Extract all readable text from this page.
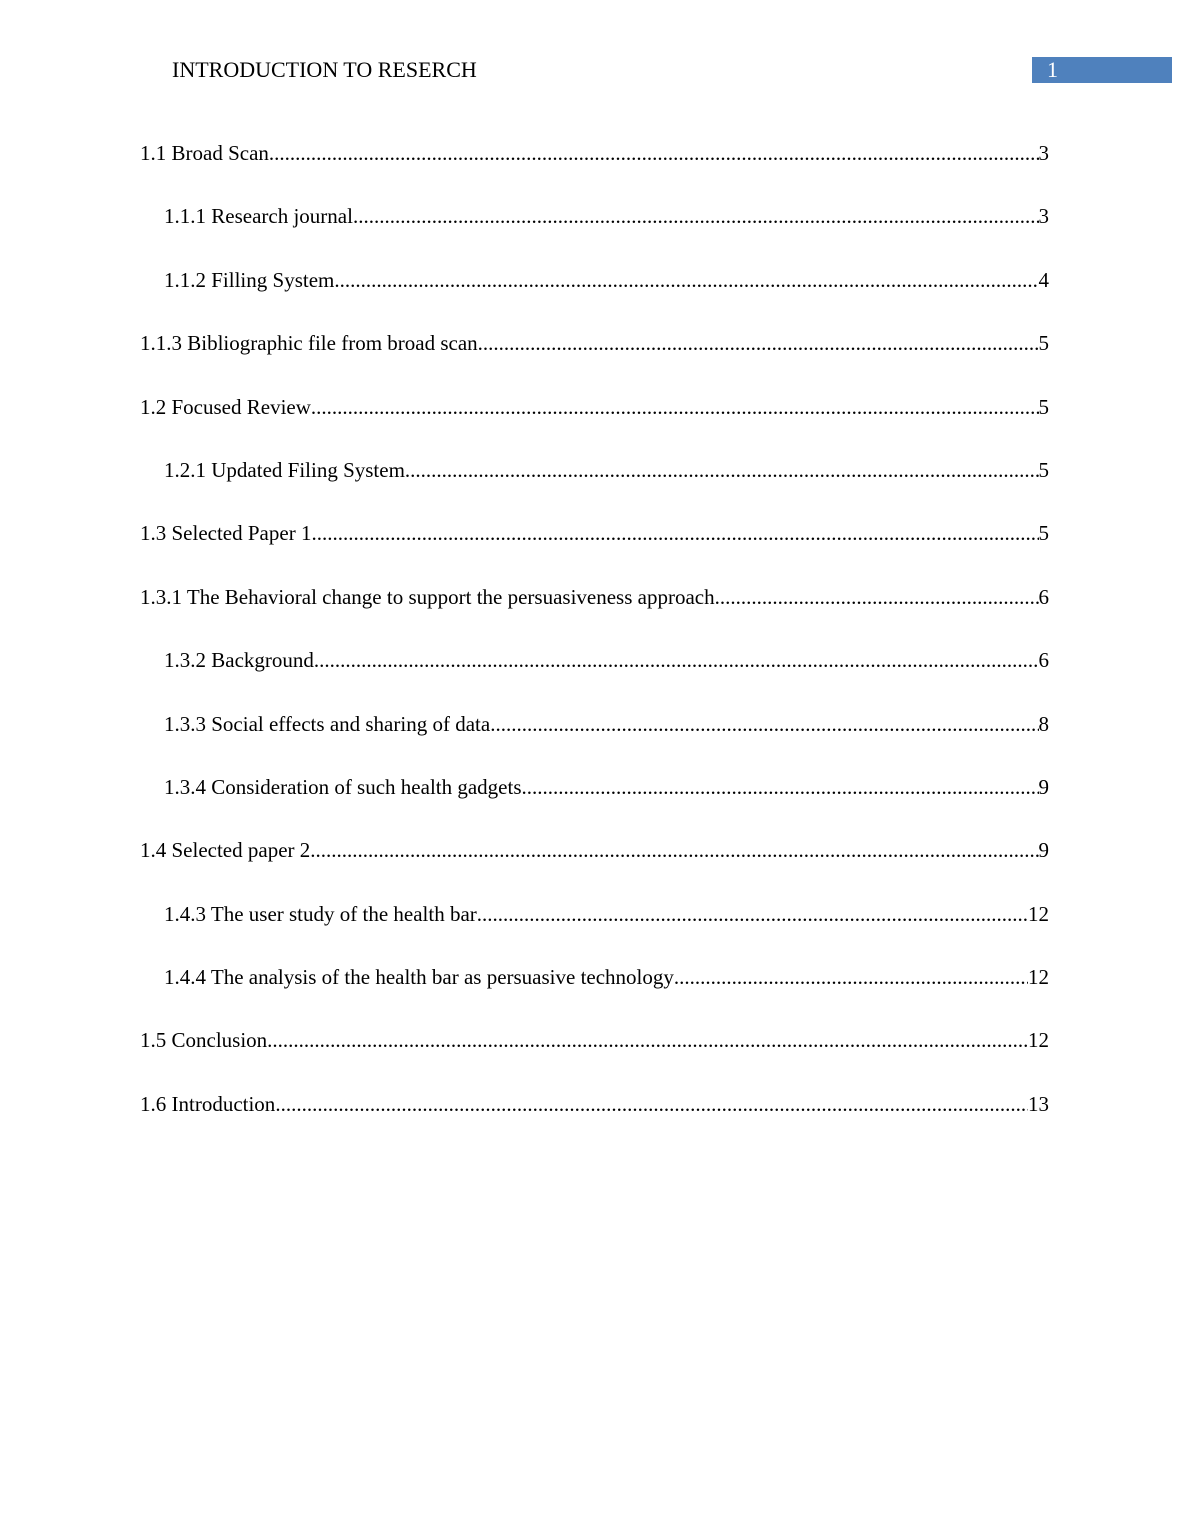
INTRODUCTION TO RESERCH	1
1.1 Broad Scan .....	3
1.1.1 Research journal .....	3
1.1.2 Filling System .....	4
1.1.3 Bibliographic file from broad scan .....	5
1.2 Focused Review .....	5
1.2.1 Updated Filing System .....	5
1.3 Selected Paper 1 .....	5
1.3.1 The Behavioral change to support the persuasiveness approach .....	6
1.3.2 Background .....	6
1.3.3 Social effects and sharing of data .....	8
1.3.4 Consideration of such health gadgets .....	9
1.4 Selected paper 2 .....	9
1.4.3 The user study of the health bar .....	12
1.4.4 The analysis of the health bar as persuasive technology .....	12
1.5 Conclusion .....	12
1.6 Introduction .....	13
